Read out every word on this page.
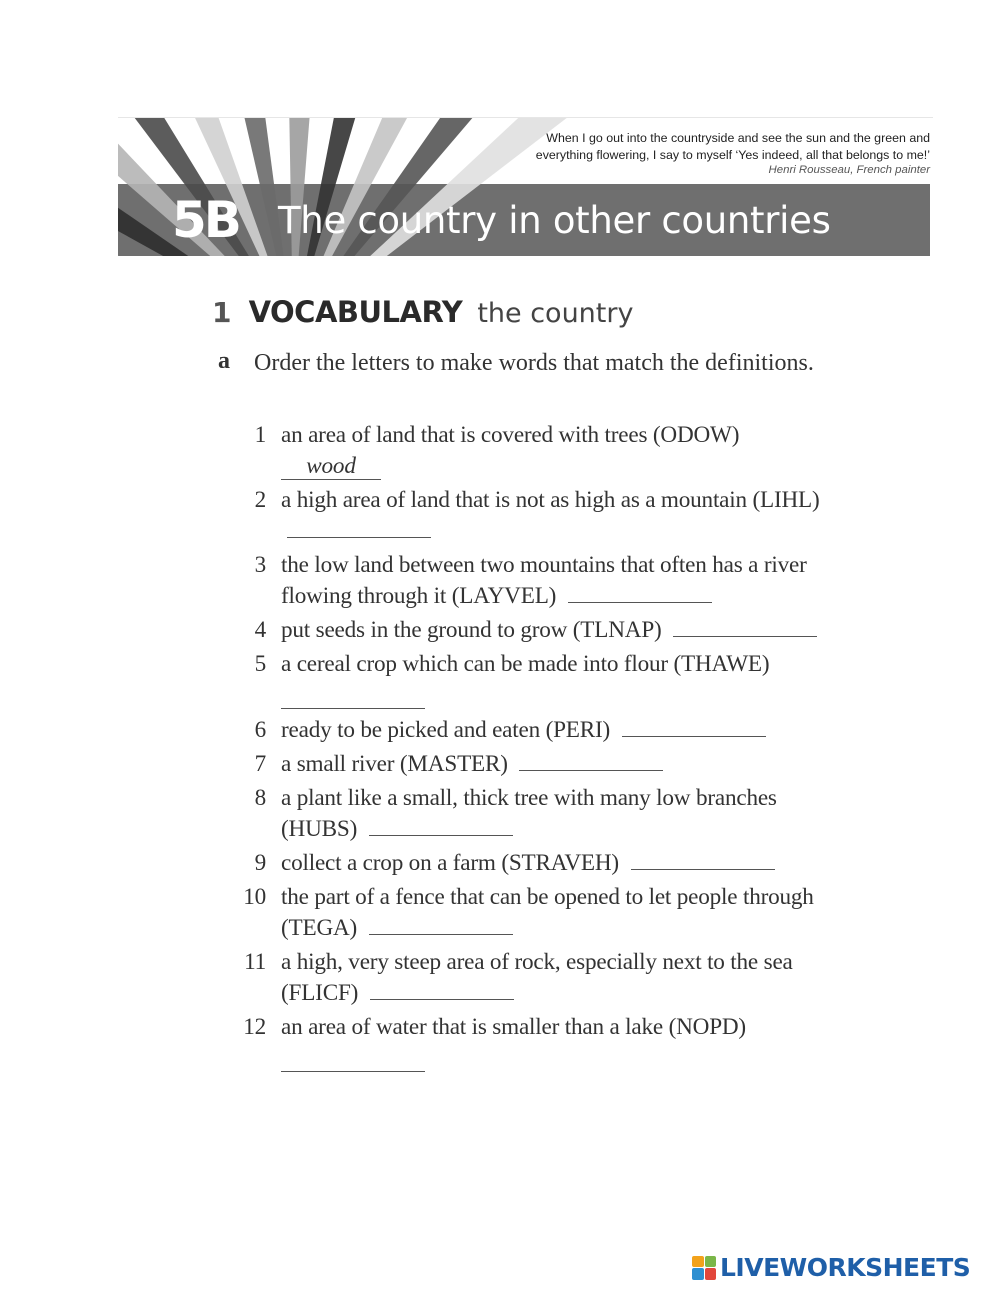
When I go out into the countryside and see the sun and the green and
everything flowering, I say to myself ‘Yes indeed, all that belongs to me!’
Henri Rousseau, French painter
5B The country in other countries
1 VOCABULARY the country
a Order the letters to make words that match the definitions.
1 an area of land that is covered with trees (ODOW)
wood
2 a high area of land that is not as high as a mountain (LIHL)
3 the low land between two mountains that often has a river flowing through it (LAYVEL)
4 put seeds in the ground to grow (TLNAP)
5 a cereal crop which can be made into flour (THAWE)
6 ready to be picked and eaten (PERI)
7 a small river (MASTER)
8 a plant like a small, thick tree with many low branches (HUBS)
9 collect a crop on a farm (STRAVEH)
10 the part of a fence that can be opened to let people through (TEGA)
11 a high, very steep area of rock, especially next to the sea (FLICF)
12 an area of water that is smaller than a lake (NOPD)
LIVEWORKSHEETS
